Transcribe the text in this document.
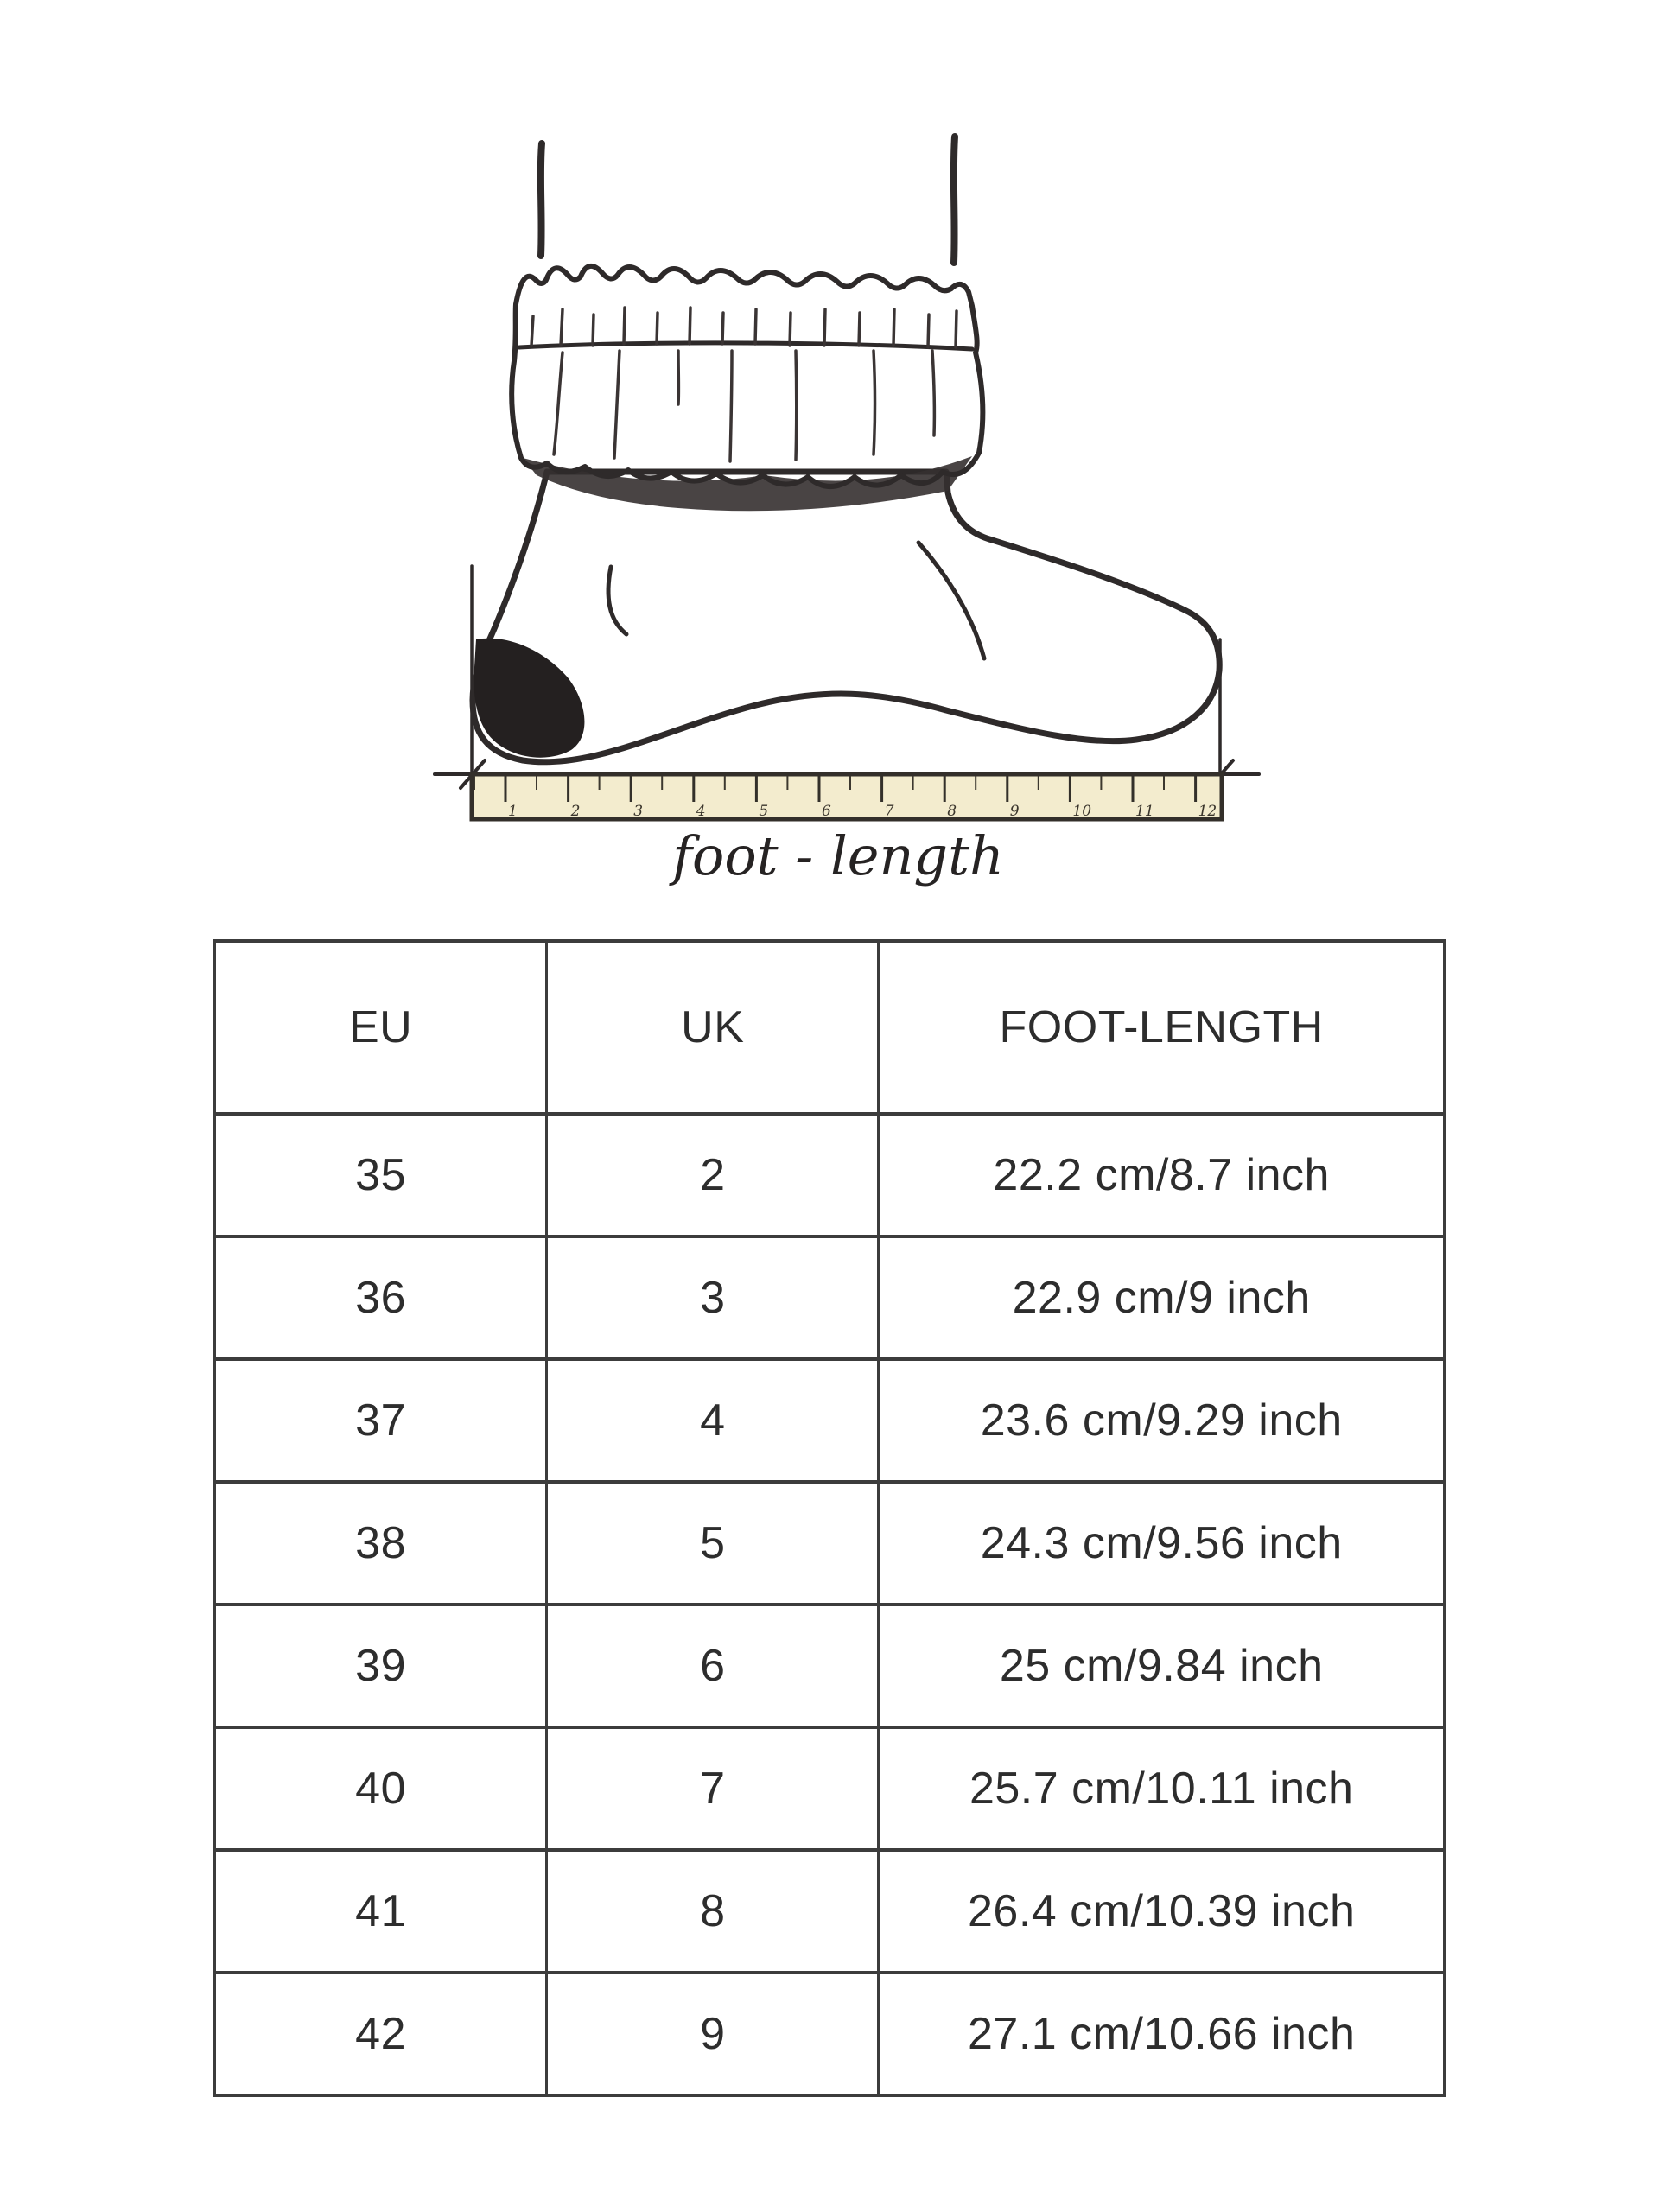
1	2	3	4	5	6	7	8	9	10	11	12
foot - length
EU	UK	FOOT-LENGTH
35	2	22.2 cm/8.7 inch
36	3	22.9 cm/9 inch
37	4	23.6 cm/9.29 inch
38	5	24.3 cm/9.56 inch
39	6	25 cm/9.84 inch
40	7	25.7 cm/10.11 inch
41	8	26.4 cm/10.39 inch
42	9	27.1 cm/10.66 inch
